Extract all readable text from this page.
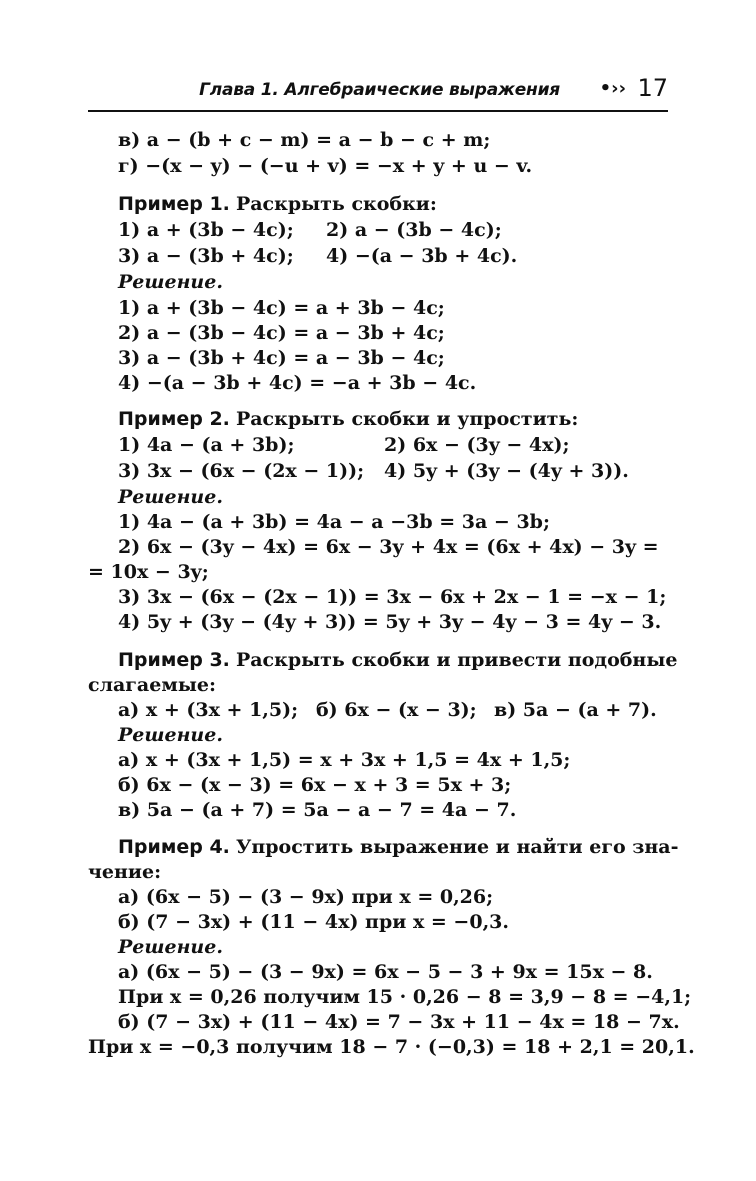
Глава 1. Алгебраические выражения •›› 17
в) a − (b + c − m) = a − b − c + m;
г) −(x − y) − (−u + v) = −x + y + u − v.
Пример 1. Раскрыть скобки:
1) a + (3b − 4c); 2) a − (3b − 4c);
3) a − (3b + 4c); 4) −(a − 3b + 4c).
Решение.
1) a + (3b − 4c) = a + 3b − 4c;
2) a − (3b − 4c) = a − 3b + 4c;
3) a − (3b + 4c) = a − 3b − 4c;
4) −(a − 3b + 4c) = −a + 3b − 4c.
Пример 2. Раскрыть скобки и упростить:
1) 4a − (a + 3b);	2) 6x − (3y − 4x);
3) 3x − (6x − (2x − 1)); 4) 5y + (3y − (4y + 3)).
Решение.
1) 4a − (a + 3b) = 4a − a −3b = 3a − 3b;
2) 6x − (3y − 4x) = 6x − 3y + 4x = (6x + 4x) − 3y =
= 10x − 3y;
3) 3x − (6x − (2x − 1)) = 3x − 6x + 2x − 1 = −x − 1;
4) 5y + (3y − (4y + 3)) = 5y + 3y − 4y − 3 = 4y − 3.
Пример 3. Раскрыть скобки и привести подобные
слагаемые:
а) x + (3x + 1,5); б) 6x − (x − 3); в) 5a − (a + 7).
Решение.
а) x + (3x + 1,5) = x + 3x + 1,5 = 4x + 1,5;
б) 6x − (x − 3) = 6x − x + 3 = 5x + 3;
в) 5a − (a + 7) = 5a − a − 7 = 4a − 7.
Пример 4. Упростить выражение и найти его зна-
чение:
а) (6x − 5) − (3 − 9x) при x = 0,26;
б) (7 − 3x) + (11 − 4x) при x = −0,3.
Решение.
а) (6x − 5) − (3 − 9x) = 6x − 5 − 3 + 9x = 15x − 8.
При x = 0,26 получим 15 · 0,26 − 8 = 3,9 − 8 = −4,1;
б) (7 − 3x) + (11 − 4x) = 7 − 3x + 11 − 4x = 18 − 7x.
При x = −0,3 получим 18 − 7 · (−0,3) = 18 + 2,1 = 20,1.
